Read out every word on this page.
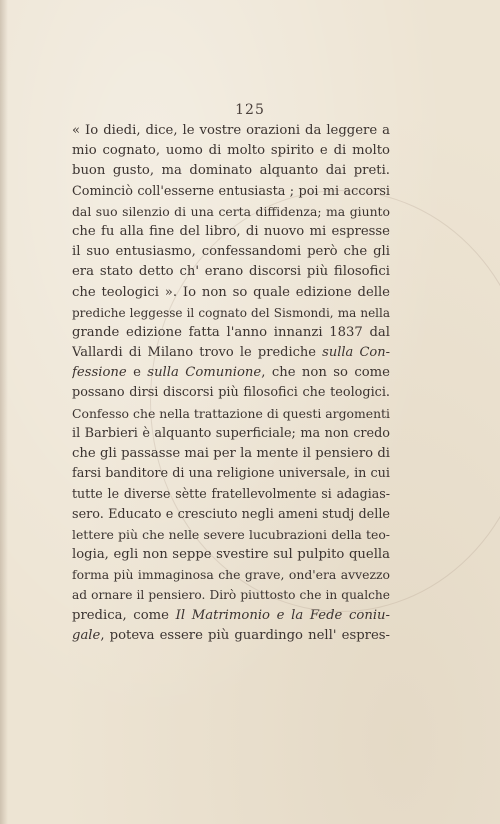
125
« Io diedi, dice, le vostre orazioni da leggere a
mio cognato, uomo di molto spirito e di molto
buon gusto, ma dominato alquanto dai preti.
Cominciò coll'esserne entusiasta ; poi mi accorsi
dal suo silenzio di una certa diffidenza; ma giunto
che fu alla fine del libro, di nuovo mi espresse
il suo entusiasmo, confessandomi però che gli
era stato detto ch' erano discorsi più filosofici
che teologici ». Io non so quale edizione delle
prediche leggesse il cognato del Sismondi, ma nella
grande edizione fatta l'anno innanzi 1837 dal
Vallardi di Milano trovo le prediche sulla Con-
fessione e sulla Comunione, che non so come
possano dirsi discorsi più filosofici che teologici.
Confesso che nella trattazione di questi argomenti
il Barbieri è alquanto superficiale; ma non credo
che gli passasse mai per la mente il pensiero di
farsi banditore di una religione universale, in cui
tutte le diverse sètte fratellevolmente si adagias-
sero. Educato e cresciuto negli ameni studj delle
lettere più che nelle severe lucubrazioni della teo-
logia, egli non seppe svestire sul pulpito quella
forma più immaginosa che grave, ond'era avvezzo
ad ornare il pensiero. Dirò piuttosto che in qualche
predica, come Il Matrimonio e la Fede coniu-
gale, poteva essere più guardingo nell' espres-
